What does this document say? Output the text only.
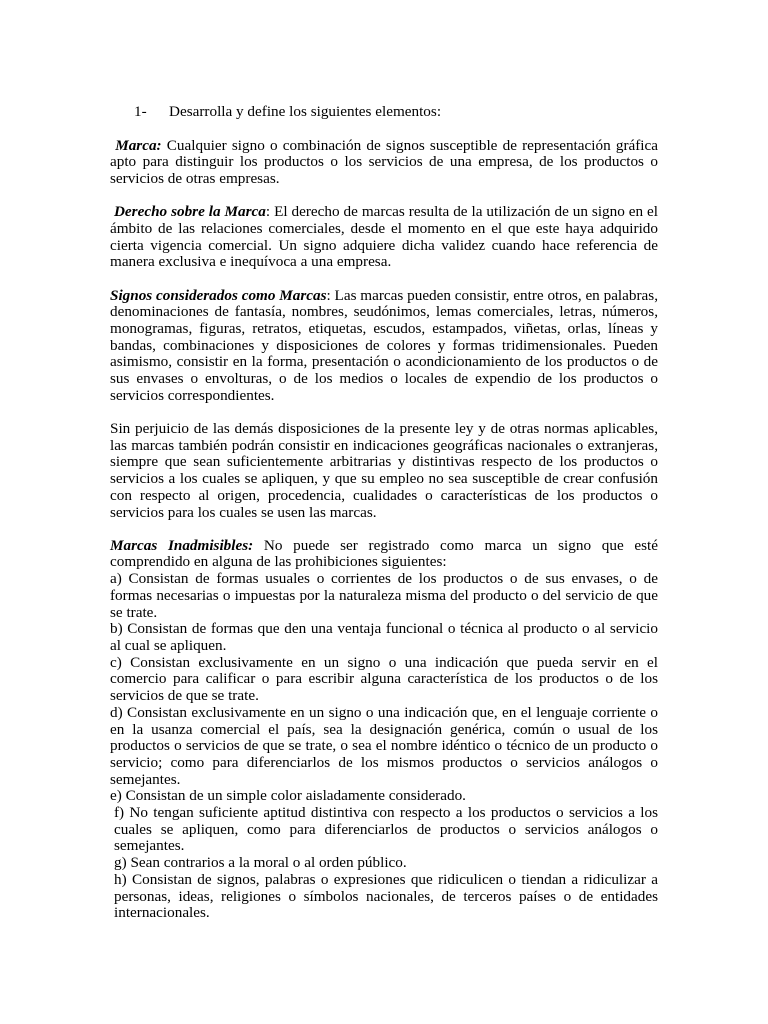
1- Desarrolla y define los siguientes elementos:

Marca: Cualquier signo o combinación de signos susceptible de representación gráfica apto para distinguir los productos o los servicios de una empresa, de los productos o servicios de otras empresas.

Derecho sobre la Marca: El derecho de marcas resulta de la utilización de un signo en el ámbito de las relaciones comerciales, desde el momento en el que este haya adquirido cierta vigencia comercial. Un signo adquiere dicha validez cuando hace referencia de manera exclusiva e inequívoca a una empresa.

Signos considerados como Marcas: Las marcas pueden consistir, entre otros, en palabras, denominaciones de fantasía, nombres, seudónimos, lemas comerciales, letras, números, monogramas, figuras, retratos, etiquetas, escudos, estampados, viñetas, orlas, líneas y bandas, combinaciones y disposiciones de colores y formas tridimensionales. Pueden asimismo, consistir en la forma, presentación o acondicionamiento de los productos o de sus envases o envolturas, o de los medios o locales de expendio de los productos o servicios correspondientes.

Sin perjuicio de las demás disposiciones de la presente ley y de otras normas aplicables, las marcas también podrán consistir en indicaciones geográficas nacionales o extranjeras, siempre que sean suficientemente arbitrarias y distintivas respecto de los productos o servicios a los cuales se apliquen, y que su empleo no sea susceptible de crear confusión con respecto al origen, procedencia, cualidades o características de los productos o servicios para los cuales se usen las marcas.

Marcas Inadmisibles: No puede ser registrado como marca un signo que esté comprendido en alguna de las prohibiciones siguientes:

a) Consistan de formas usuales o corrientes de los productos o de sus envases, o de formas necesarias o impuestas por la naturaleza misma del producto o del servicio de que se trate.
b) Consistan de formas que den una ventaja funcional o técnica al producto o al servicio al cual se apliquen.
c) Consistan exclusivamente en un signo o una indicación que pueda servir en el comercio para calificar o para escribir alguna característica de los productos o de los servicios de que se trate.
d) Consistan exclusivamente en un signo o una indicación que, en el lenguaje corriente o en la usanza comercial el país, sea la designación genérica, común o usual de los productos o servicios de que se trate, o sea el nombre idéntico o técnico de un producto o servicio; como para diferenciarlos de los mismos productos o servicios análogos o semejantes.
e) Consistan de un simple color aisladamente considerado.
f) No tengan suficiente aptitud distintiva con respecto a los productos o servicios a los cuales se apliquen, como para diferenciarlos de productos o servicios análogos o semejantes.
g) Sean contrarios a la moral o al orden público.
h) Consistan de signos, palabras o expresiones que ridiculicen o tiendan a ridiculizar a personas, ideas, religiones o símbolos nacionales, de terceros países o de entidades internacionales.
